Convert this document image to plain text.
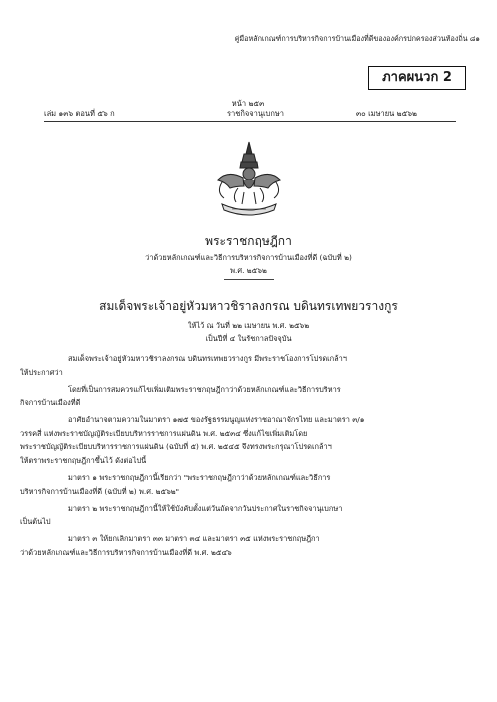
คู่มือหลักเกณฑ์การบริหารกิจการบ้านเมืองที่ดีขององค์กรปกครองส่วนท้องถิ่น ๘๑
ภาคผนวก 2
หน้า ๒๕๓
เล่ม ๑๓๖ ตอนที่ ๕๖ ก	ราชกิจจานุเบกษา	๓๐ เมษายน ๒๕๖๒
พระราชกฤษฎีกา
ว่าด้วยหลักเกณฑ์และวิธีการบริหารกิจการบ้านเมืองที่ดี (ฉบับที่ ๒)
พ.ศ. ๒๕๖๒
สมเด็จพระเจ้าอยู่หัวมหาวชิราลงกรณ บดินทรเทพยวรางกูร
ให้ไว้ ณ วันที่ ๒๒ เมษายน พ.ศ. ๒๕๖๒
เป็นปีที่ ๔ ในรัชกาลปัจจุบัน

สมเด็จพระเจ้าอยู่หัวมหาวชิราลงกรณ บดินทรเทพยวรางกูร มีพระราชโองการโปรดเกล้าฯ
ให้ประกาศว่า

โดยที่เป็นการสมควรแก้ไขเพิ่มเติมพระราชกฤษฎีกาว่าด้วยหลักเกณฑ์และวิธีการบริหาร
กิจการบ้านเมืองที่ดี

อาศัยอำนาจตามความในมาตรา ๑๗๕ ของรัฐธรรมนูญแห่งราชอาณาจักรไทย และมาตรา ๓/๑
วรรคสี่ แห่งพระราชบัญญัติระเบียบบริหารราชการแผ่นดิน พ.ศ. ๒๕๓๔ ซึ่งแก้ไขเพิ่มเติมโดย
พระราชบัญญัติระเบียบบริหารราชการแผ่นดิน (ฉบับที่ ๕) พ.ศ. ๒๕๔๕ จึงทรงพระกรุณาโปรดเกล้าฯ
ให้ตราพระราชกฤษฎีกาขึ้นไว้ ดังต่อไปนี้

มาตรา ๑ พระราชกฤษฎีกานี้เรียกว่า "พระราชกฤษฎีกาว่าด้วยหลักเกณฑ์และวิธีการ
บริหารกิจการบ้านเมืองที่ดี (ฉบับที่ ๒) พ.ศ. ๒๕๖๒"

มาตรา ๒ พระราชกฤษฎีกานี้ให้ใช้บังคับตั้งแต่วันถัดจากวันประกาศในราชกิจจานุเบกษา
เป็นต้นไป

มาตรา ๓ ให้ยกเลิกมาตรา ๓๓ มาตรา ๓๔ และมาตรา ๓๕ แห่งพระราชกฤษฎีกา
ว่าด้วยหลักเกณฑ์และวิธีการบริหารกิจการบ้านเมืองที่ดี พ.ศ. ๒๕๔๖
